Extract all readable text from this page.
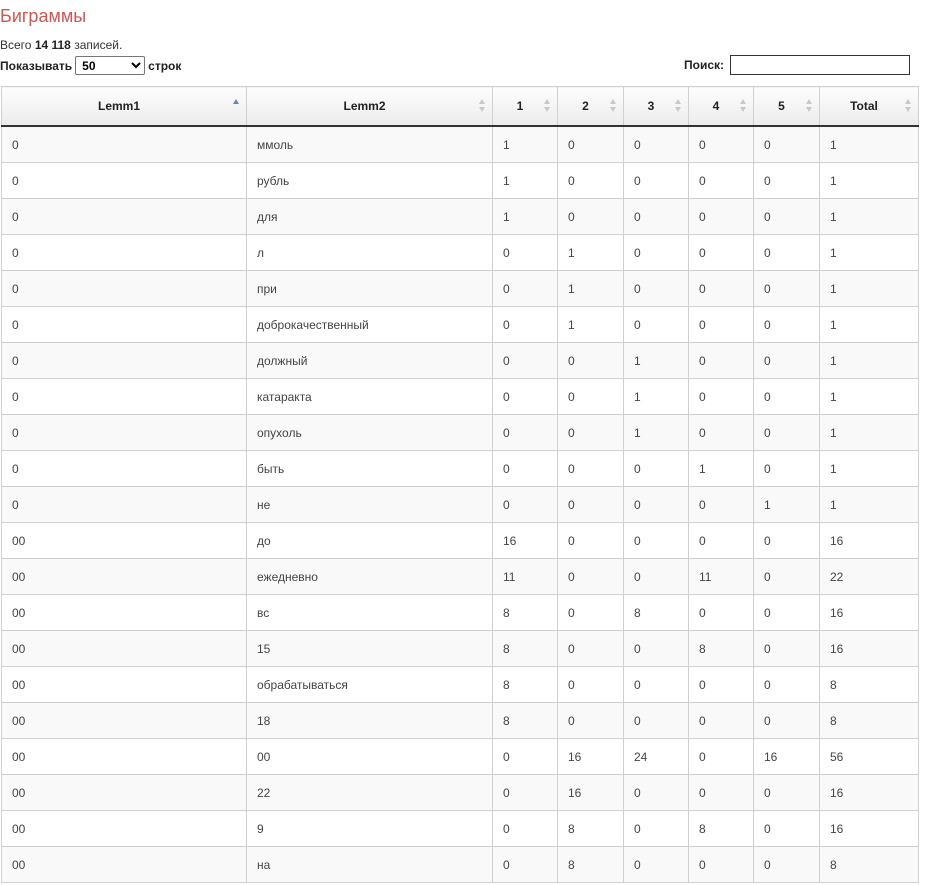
Биграммы
Всего 14 118 записей.
Показывать
50	строк	Поиск:
Lemm1	Lemm2	1	2	3	4	5	Total

0	ммоль	1	0	0	0	0	1
0	рубль	1	0	0	0	0	1
0	для	1	0	0	0	0	1
0	л	0	1	0	0	0	1
0	при	0	1	0	0	0	1
0	доброкачественный	0	1	0	0	0	1
0	должный	0	0	1	0	0	1
0	катаракта	0	0	1	0	0	1
0	опухоль	0	0	1	0	0	1
0	быть	0	0	0	1	0	1
0	не	0	0	0	0	1	1
00	до	16	0	0	0	0	16
00	ежедневно	11	0	0	11	0	22
00	вс	8	0	8	0	0	16
00	15	8	0	0	8	0	16
00	обрабатываться	8	0	0	0	0	8
00	18	8	0	0	0	0	8
00	00	0	16	24	0	16	56
00	22	0	16	0	0	0	16
00	9	0	8	0	8	0	16
00	на	0	8	0	0	0	8
